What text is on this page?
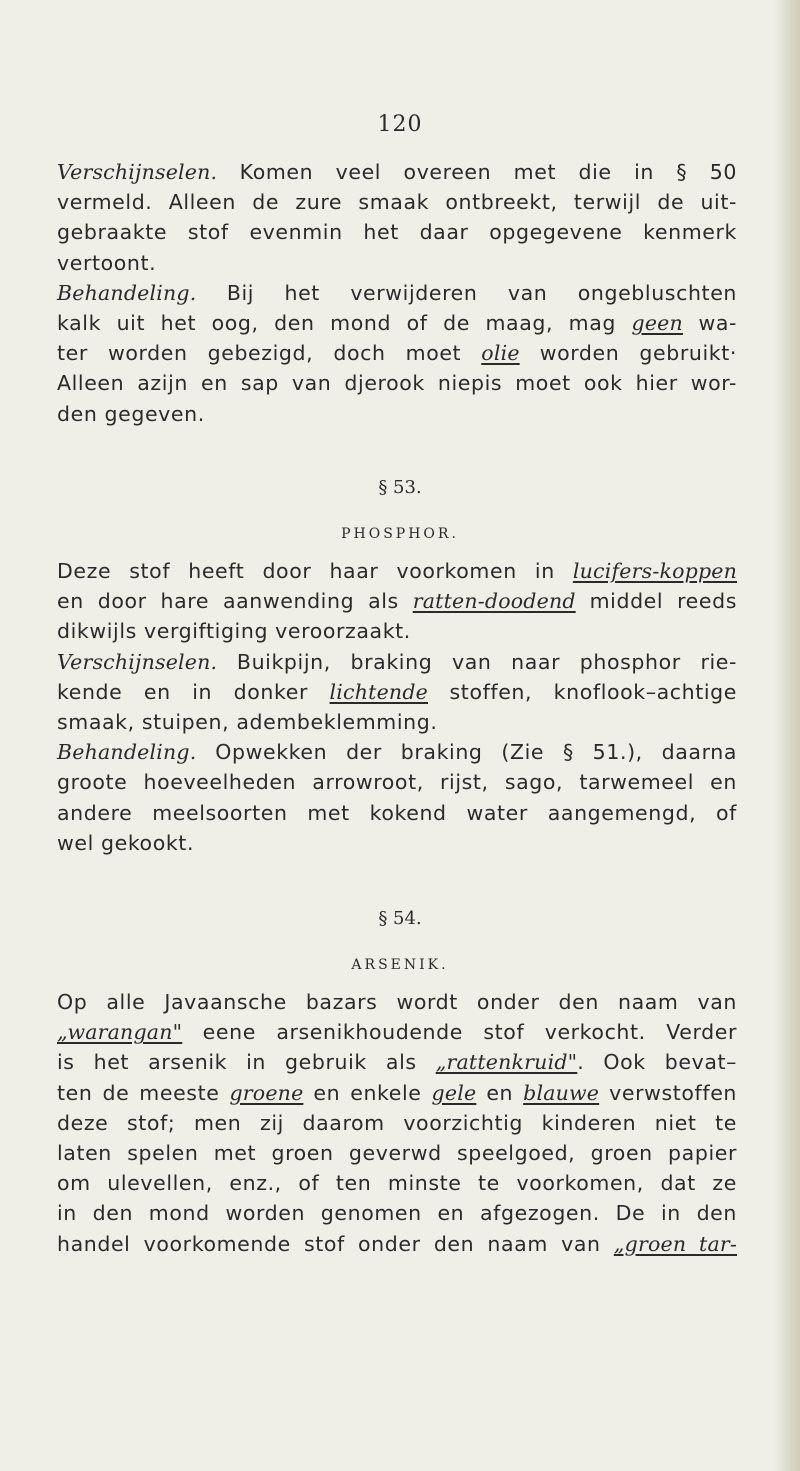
120
Verschijnselen. Komen veel overeen met die in § 50
vermeld. Alleen de zure smaak ontbreekt, terwijl de uit-
gebraakte stof evenmin het daar opgegevene kenmerk
vertoont.
Behandeling. Bij het verwijderen van ongebluschten
kalk uit het oog, den mond of de maag, mag geen wa-
ter worden gebezigd, doch moet olie worden gebruikt·
Alleen azijn en sap van djerook niepis moet ook hier wor-
den gegeven.
§ 53.
PHOSPHOR.
Deze stof heeft door haar voorkomen in lucifers-koppen
en door hare aanwending als ratten-doodend middel reeds
dikwijls vergiftiging veroorzaakt.
Verschijnselen. Buikpijn, braking van naar phosphor rie-
kende en in donker lichtende stoffen, knoflook–achtige
smaak, stuipen, adembeklemming.
Behandeling. Opwekken der braking (Zie § 51.), daarna
groote hoeveelheden arrowroot, rijst, sago, tarwemeel en
andere meelsoorten met kokend water aangemengd, of
wel gekookt.
§ 54.
ARSENIK.
Op alle Javaansche bazars wordt onder den naam van
„warangan" eene arsenikhoudende stof verkocht. Verder
is het arsenik in gebruik als „rattenkruid". Ook bevat–
ten de meeste groene en enkele gele en blauwe verwstoffen
deze stof; men zij daarom voorzichtig kinderen niet te
laten spelen met groen geverwd speelgoed, groen papier
om ulevellen, enz., of ten minste te voorkomen, dat ze
in den mond worden genomen en afgezogen. De in den
handel voorkomende stof onder den naam van „groen tar-
